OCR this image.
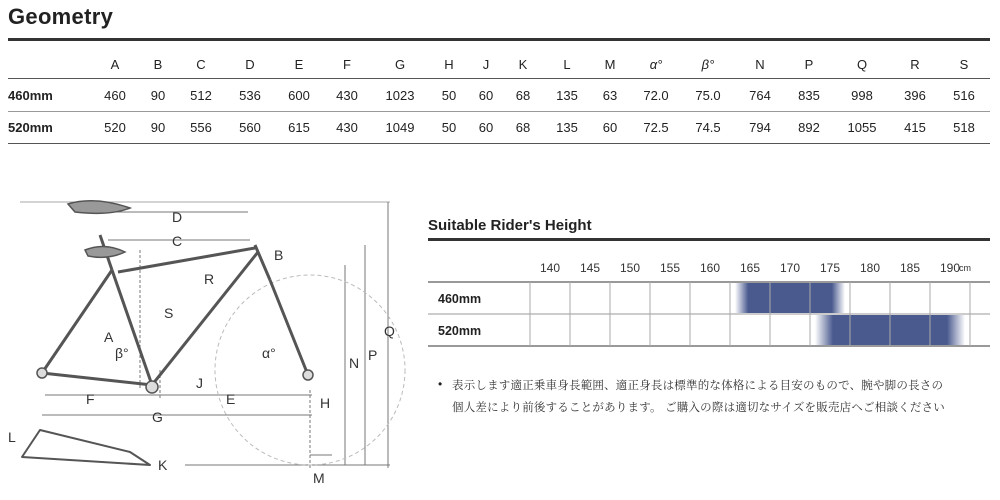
Geometry
A	B	C	D	E	F	G	H	J	K	L	M	α°	β°	N	P	Q	R	S
460mm	460	90	512	536	600	430	1023	50	60	68	135	63	72.0	75.0	764	835	998	396	516
520mm	520	90	556	560	615	430	1049	50	60	68	135	60	72.5	74.5	794	892	1055	415	518
D
C
B
R
S
A
β°	α°
J
N P
Q
F	E
G
H
L
K
M
Suitable Rider's Height
140 145 150 155 160 165 170 175 180 185 190
cm
460mm
520mm
• 表示します適正乗車身長範囲、適正身長は標準的な体格による目安のもので、腕や脚の長さの
個人差により前後することがあります。 ご購入の際は適切なサイズを販売店へご相談ください
